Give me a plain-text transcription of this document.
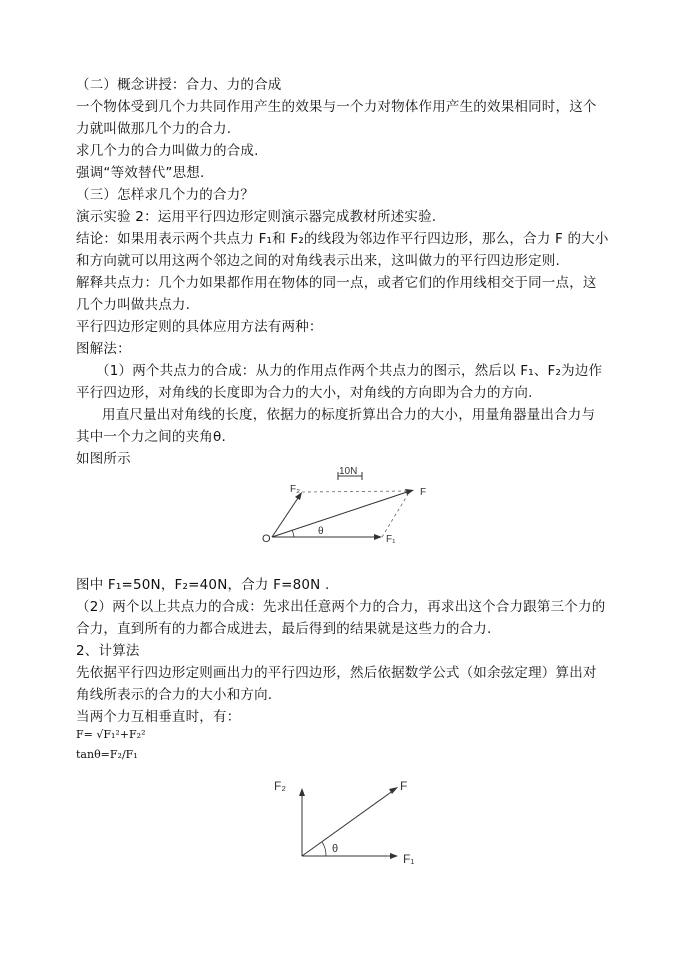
（二）概念讲授：合力、力的合成
一个物体受到几个力共同作用产生的效果与一个力对物体作用产生的效果相同时，这个
力就叫做那几个力的合力.
求几个力的合力叫做力的合成.
强调“等效替代”思想.
（三）怎样求几个力的合力？
演示实验 2：运用平行四边形定则演示器完成教材所述实验.
结论：如果用表示两个共点力 F₁和 F₂的线段为邻边作平行四边形，那么，合力 F 的大小
和方向就可以用这两个邻边之间的对角线表示出来，这叫做力的平行四边形定则.
解释共点力：几个力如果都作用在物体的同一点，或者它们的作用线相交于同一点，这
几个力叫做共点力.
平行四边形定则的具体应用方法有两种：
图解法：
（1）两个共点力的合成：从力的作用点作两个共点力的图示，然后以 F₁、F₂为边作
平行四边形，对角线的长度即为合力的大小，对角线的方向即为合力的方向.
用直尺量出对角线的长度，依据力的标度折算出合力的大小，用量角器量出合力与
其中一个力之间的夹角θ.
如图所示
10N
O
F₂	F
F₁
θ
图中 F₁=50N，F₂=40N，合力 F=80N .
（2）两个以上共点力的合成：先求出任意两个力的合力，再求出这个合力跟第三个力的
合力，直到所有的力都合成进去，最后得到的结果就是这些力的合力.
2、计算法
先依据平行四边形定则画出力的平行四边形，然后依据数学公式（如余弦定理）算出对
角线所表示的合力的大小和方向.
当两个力互相垂直时，有：
F= √F₁²+F₂²
tanθ=F₂/F₁
F₂	F
F₁
θ
